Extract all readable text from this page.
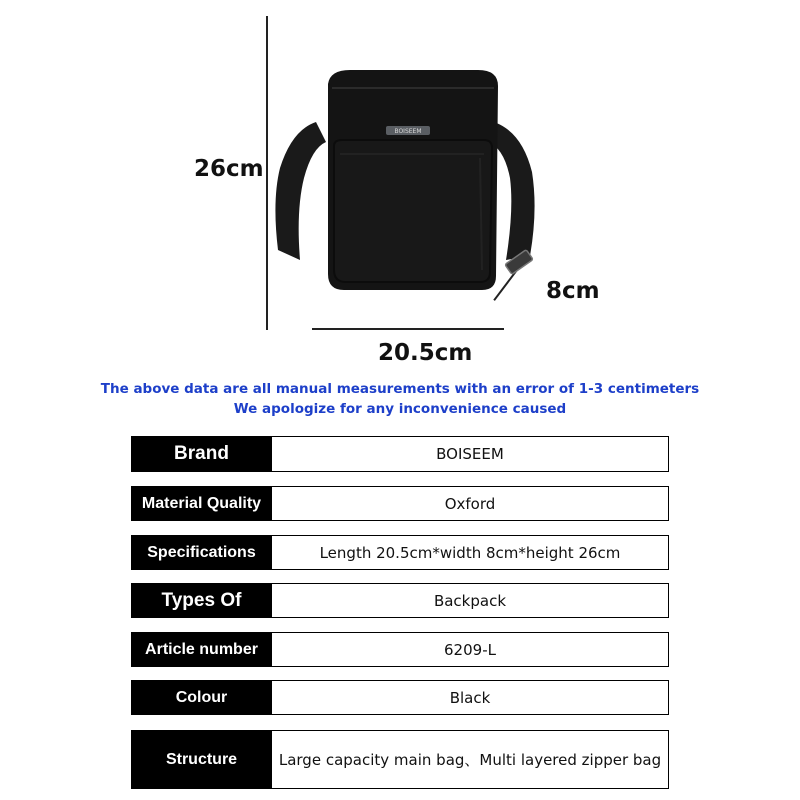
26cm
8cm
20.5cm
BOISEEM
The above data are all manual measurements with an error of 1-3 centimeters
We apologize for any inconvenience caused
Brand	BOISEEM
Material Quality	Oxford
Specifications	Length 20.5cm*width 8cm*height 26cm
Types Of	Backpack
Article number	6209-L
Colour	Black
Structure	Large capacity main bag、Multi layered zipper bag
